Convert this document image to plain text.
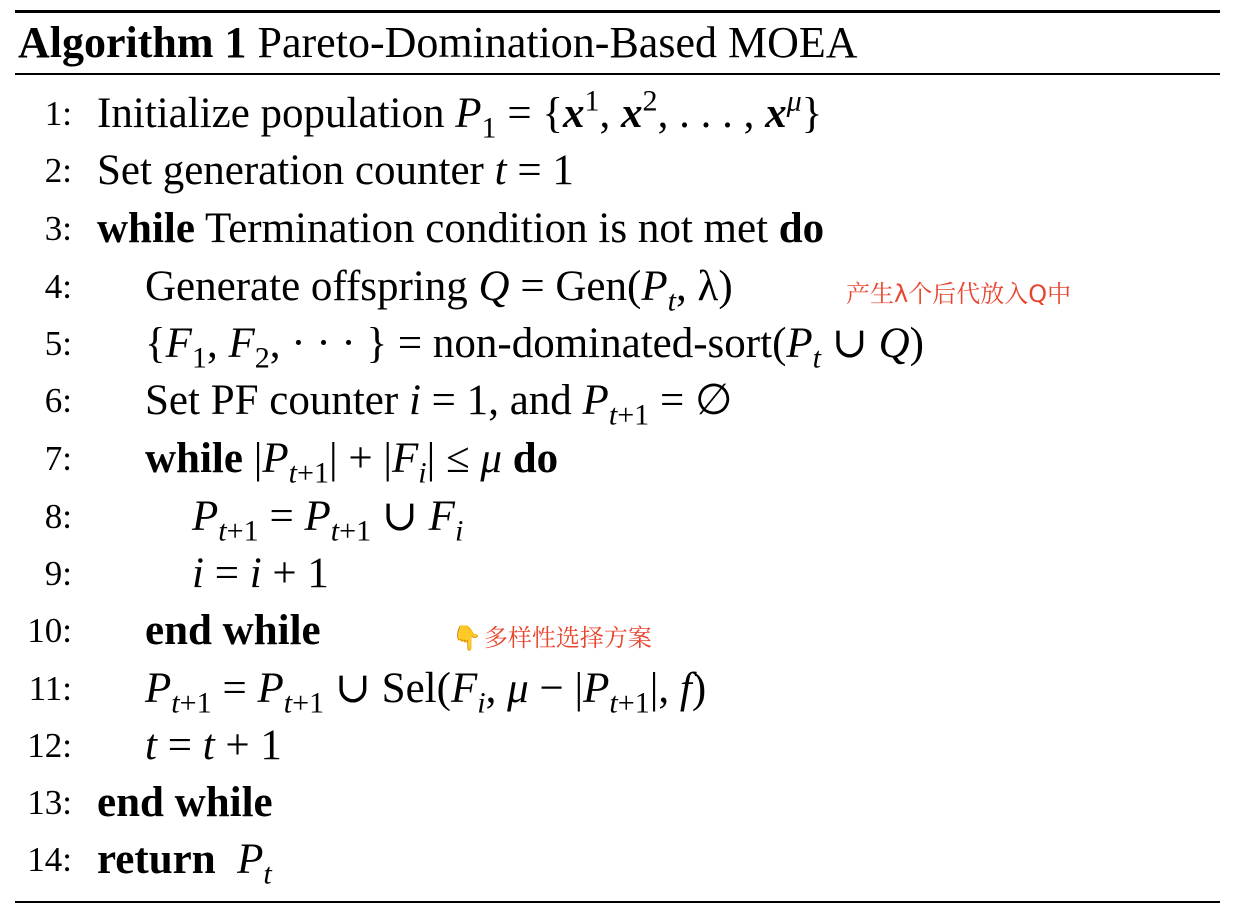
Algorithm 1 Pareto-Domination-Based MOEA
1: Initialize population $P_1 = \{x^1$, $x^2$, . . . , $x^\mu$}
2: Set generation counter t = 1
3: while Termination condition is not met do
4: Generate offspring $Q = Gen(P_t$, λ)	产生λ个后代放入Q中
5: {$F_1$, $F_2$, · · · } = non-$dominated-sort(P_t$ ∪ Q)
6: Set PF counter i = 1, and $P_{t+1}$ = ∅
7: while $|P_{t+1}| + |F_i| \le \mu$ do
8:	$P_{t+1} = P_{t+1}$ ∪ $F_i$
9:	i = i + 1
10: end while	👇多样性选择方案
11: $P_{t+1} = P_{t+1}$ ∪ $Sel(F_i$, $\mu - |P_{t+1}|$, f)
12: t = t + 1
13: end while
14: return $P_t$
